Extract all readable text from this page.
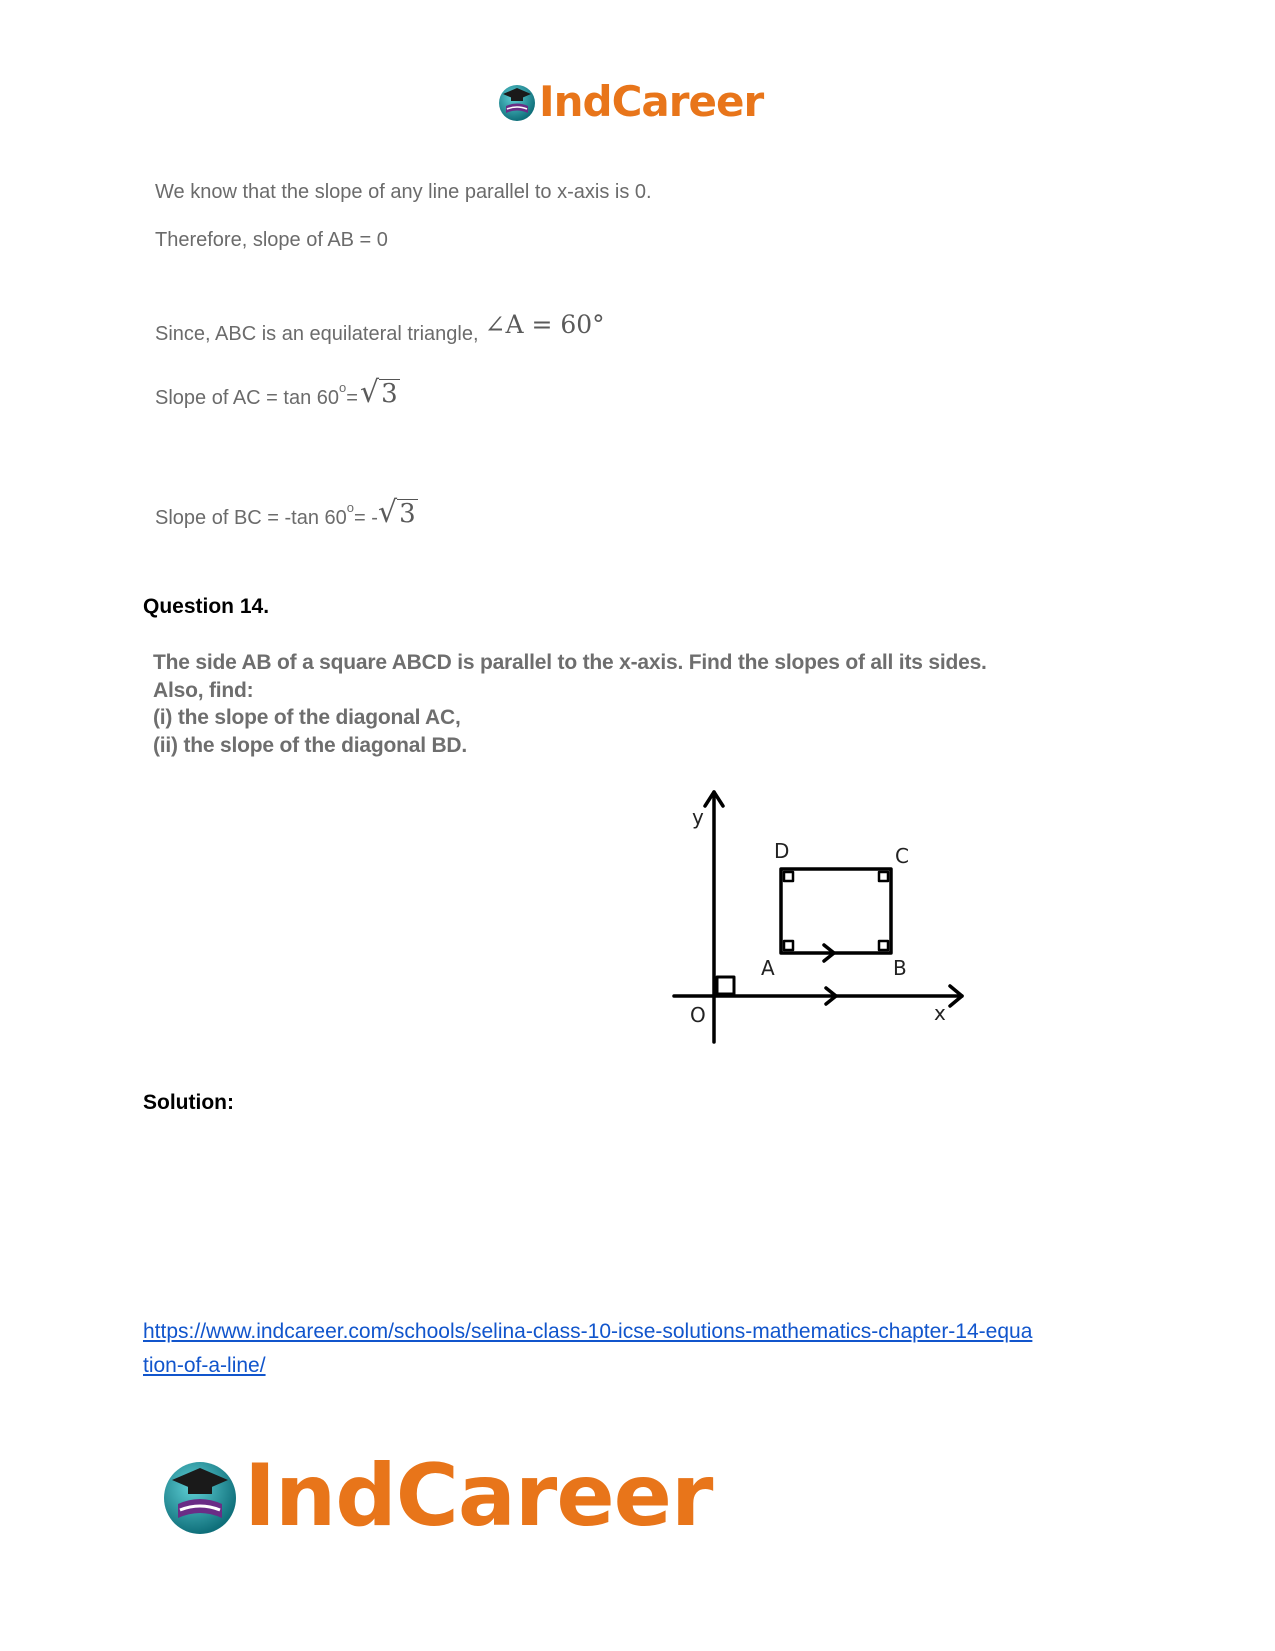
IndCareer
We know that the slope of any line parallel to x-axis is 0.
Therefore, slope of AB = 0
Since, ABC is an equilateral triangle, ∠A = 60°
Slope of AC = tan 60 o = √ 3
Slope of BC = -tan 60 o = - √ 3
Question 14.
The side AB of a square ABCD is parallel to the x-axis. Find the slopes of all its sides.
Also, find:
(i) the slope of the diagonal AC,
(ii) the slope of the diagonal BD.
y
x
O
A	B
C
D
Solution:
https://www.indcareer.com/schools/selina-class-10-icse-solutions-mathematics-chapter-14-equa
tion-of-a-line/
IndCareer
